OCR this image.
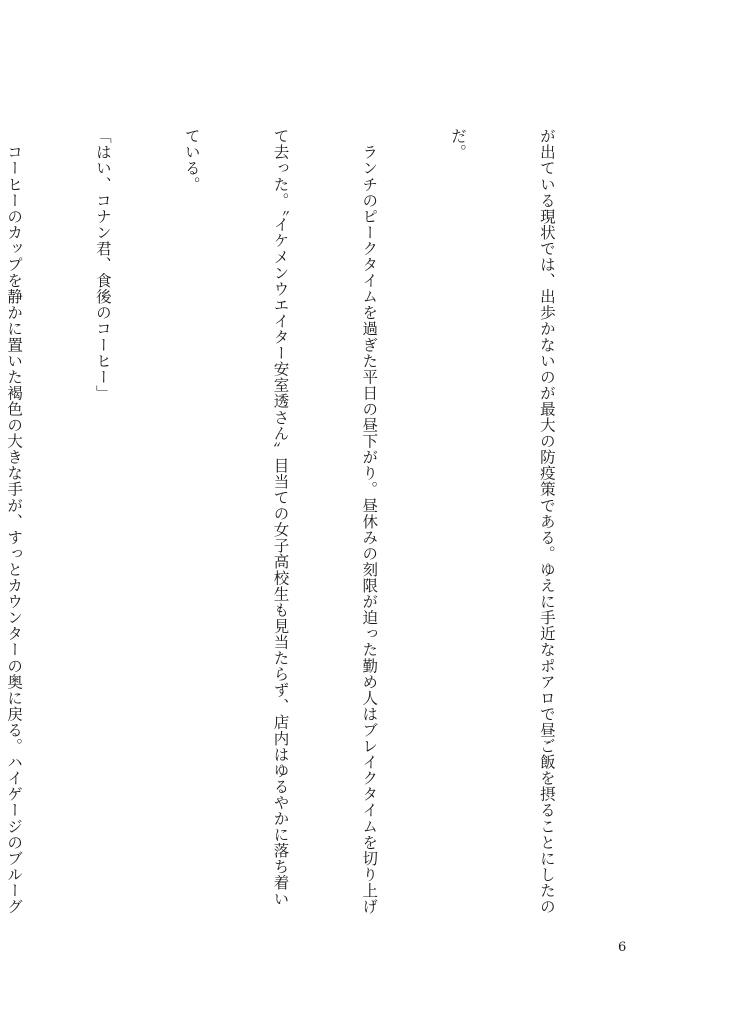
が出ている現状では、出歩かないのが最大の防疫策である。ゆえに手近なポアロで昼ご飯を摂ることにしたの

だ。

　ランチのピークタイムを過ぎた平日の昼下がり。昼休みの刻限が迫った勤め人はブレイクタイムを切り上げ

て去った。〝イケメンウエイター安室透さん〟目当ての女子高校生も見当たらず、店内はゆるやかに落ち着い

ている。

「はい、コナン君、食後のコーヒー」

　コーヒーのカップを静かに置いた褐色の大きな手が、すっとカウンターの奥に戻る。ハイゲージのブルーグ

6
